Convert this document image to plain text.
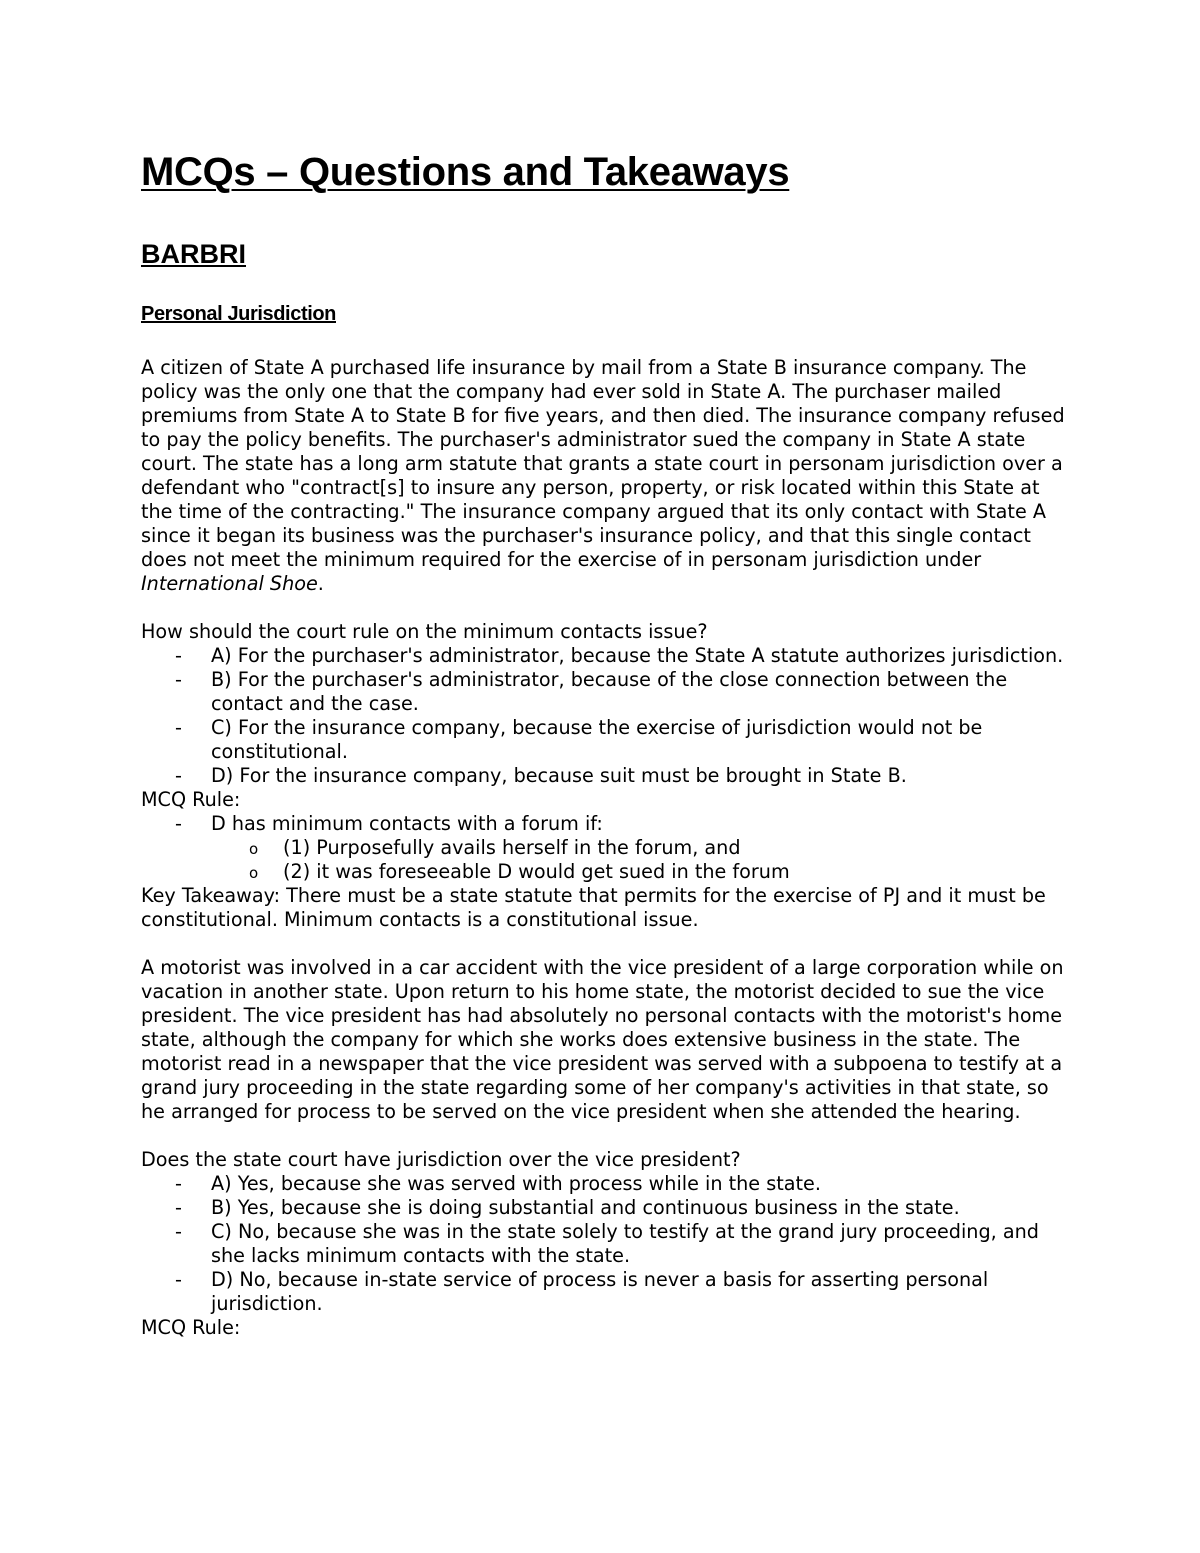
MCQs – Questions and Takeaways
BARBRI
Personal Jurisdiction

A citizen of State A purchased life insurance by mail from a State B insurance company. The policy was the only one that the company had ever sold in State A. The purchaser mailed premiums from State A to State B for five years, and then died. The insurance company refused to pay the policy benefits. The purchaser's administrator sued the company in State A state court. The state has a long arm statute that grants a state court in personam jurisdiction over a defendant who "contract[s] to insure any person, property, or risk located within this State at the time of the contracting." The insurance company argued that its only contact with State A since it began its business was the purchaser's insurance policy, and that this single contact does not meet the minimum required for the exercise of in personam jurisdiction under International Shoe.

How should the court rule on the minimum contacts issue?

- A) For the purchaser's administrator, because the State A statute authorizes jurisdiction.
- B) For the purchaser's administrator, because of the close connection between the contact and the case.
- C) For the insurance company, because the exercise of jurisdiction would not be constitutional.
- D) For the insurance company, because suit must be brought in State B.

MCQ Rule:

- D has minimum contacts with a forum if:
o (1) Purposefully avails herself in the forum, and
o (2) it was foreseeable D would get sued in the forum

Key Takeaway: There must be a state statute that permits for the exercise of PJ and it must be constitutional. Minimum contacts is a constitutional issue.

A motorist was involved in a car accident with the vice president of a large corporation while on vacation in another state. Upon return to his home state, the motorist decided to sue the vice president. The vice president has had absolutely no personal contacts with the motorist's home state, although the company for which she works does extensive business in the state. The motorist read in a newspaper that the vice president was served with a subpoena to testify at a grand jury proceeding in the state regarding some of her company's activities in that state, so he arranged for process to be served on the vice president when she attended the hearing.

Does the state court have jurisdiction over the vice president?

- A) Yes, because she was served with process while in the state.
- B) Yes, because she is doing substantial and continuous business in the state.
- C) No, because she was in the state solely to testify at the grand jury proceeding, and she lacks minimum contacts with the state.
- D) No, because in-state service of process is never a basis for asserting personal jurisdiction.

MCQ Rule:
